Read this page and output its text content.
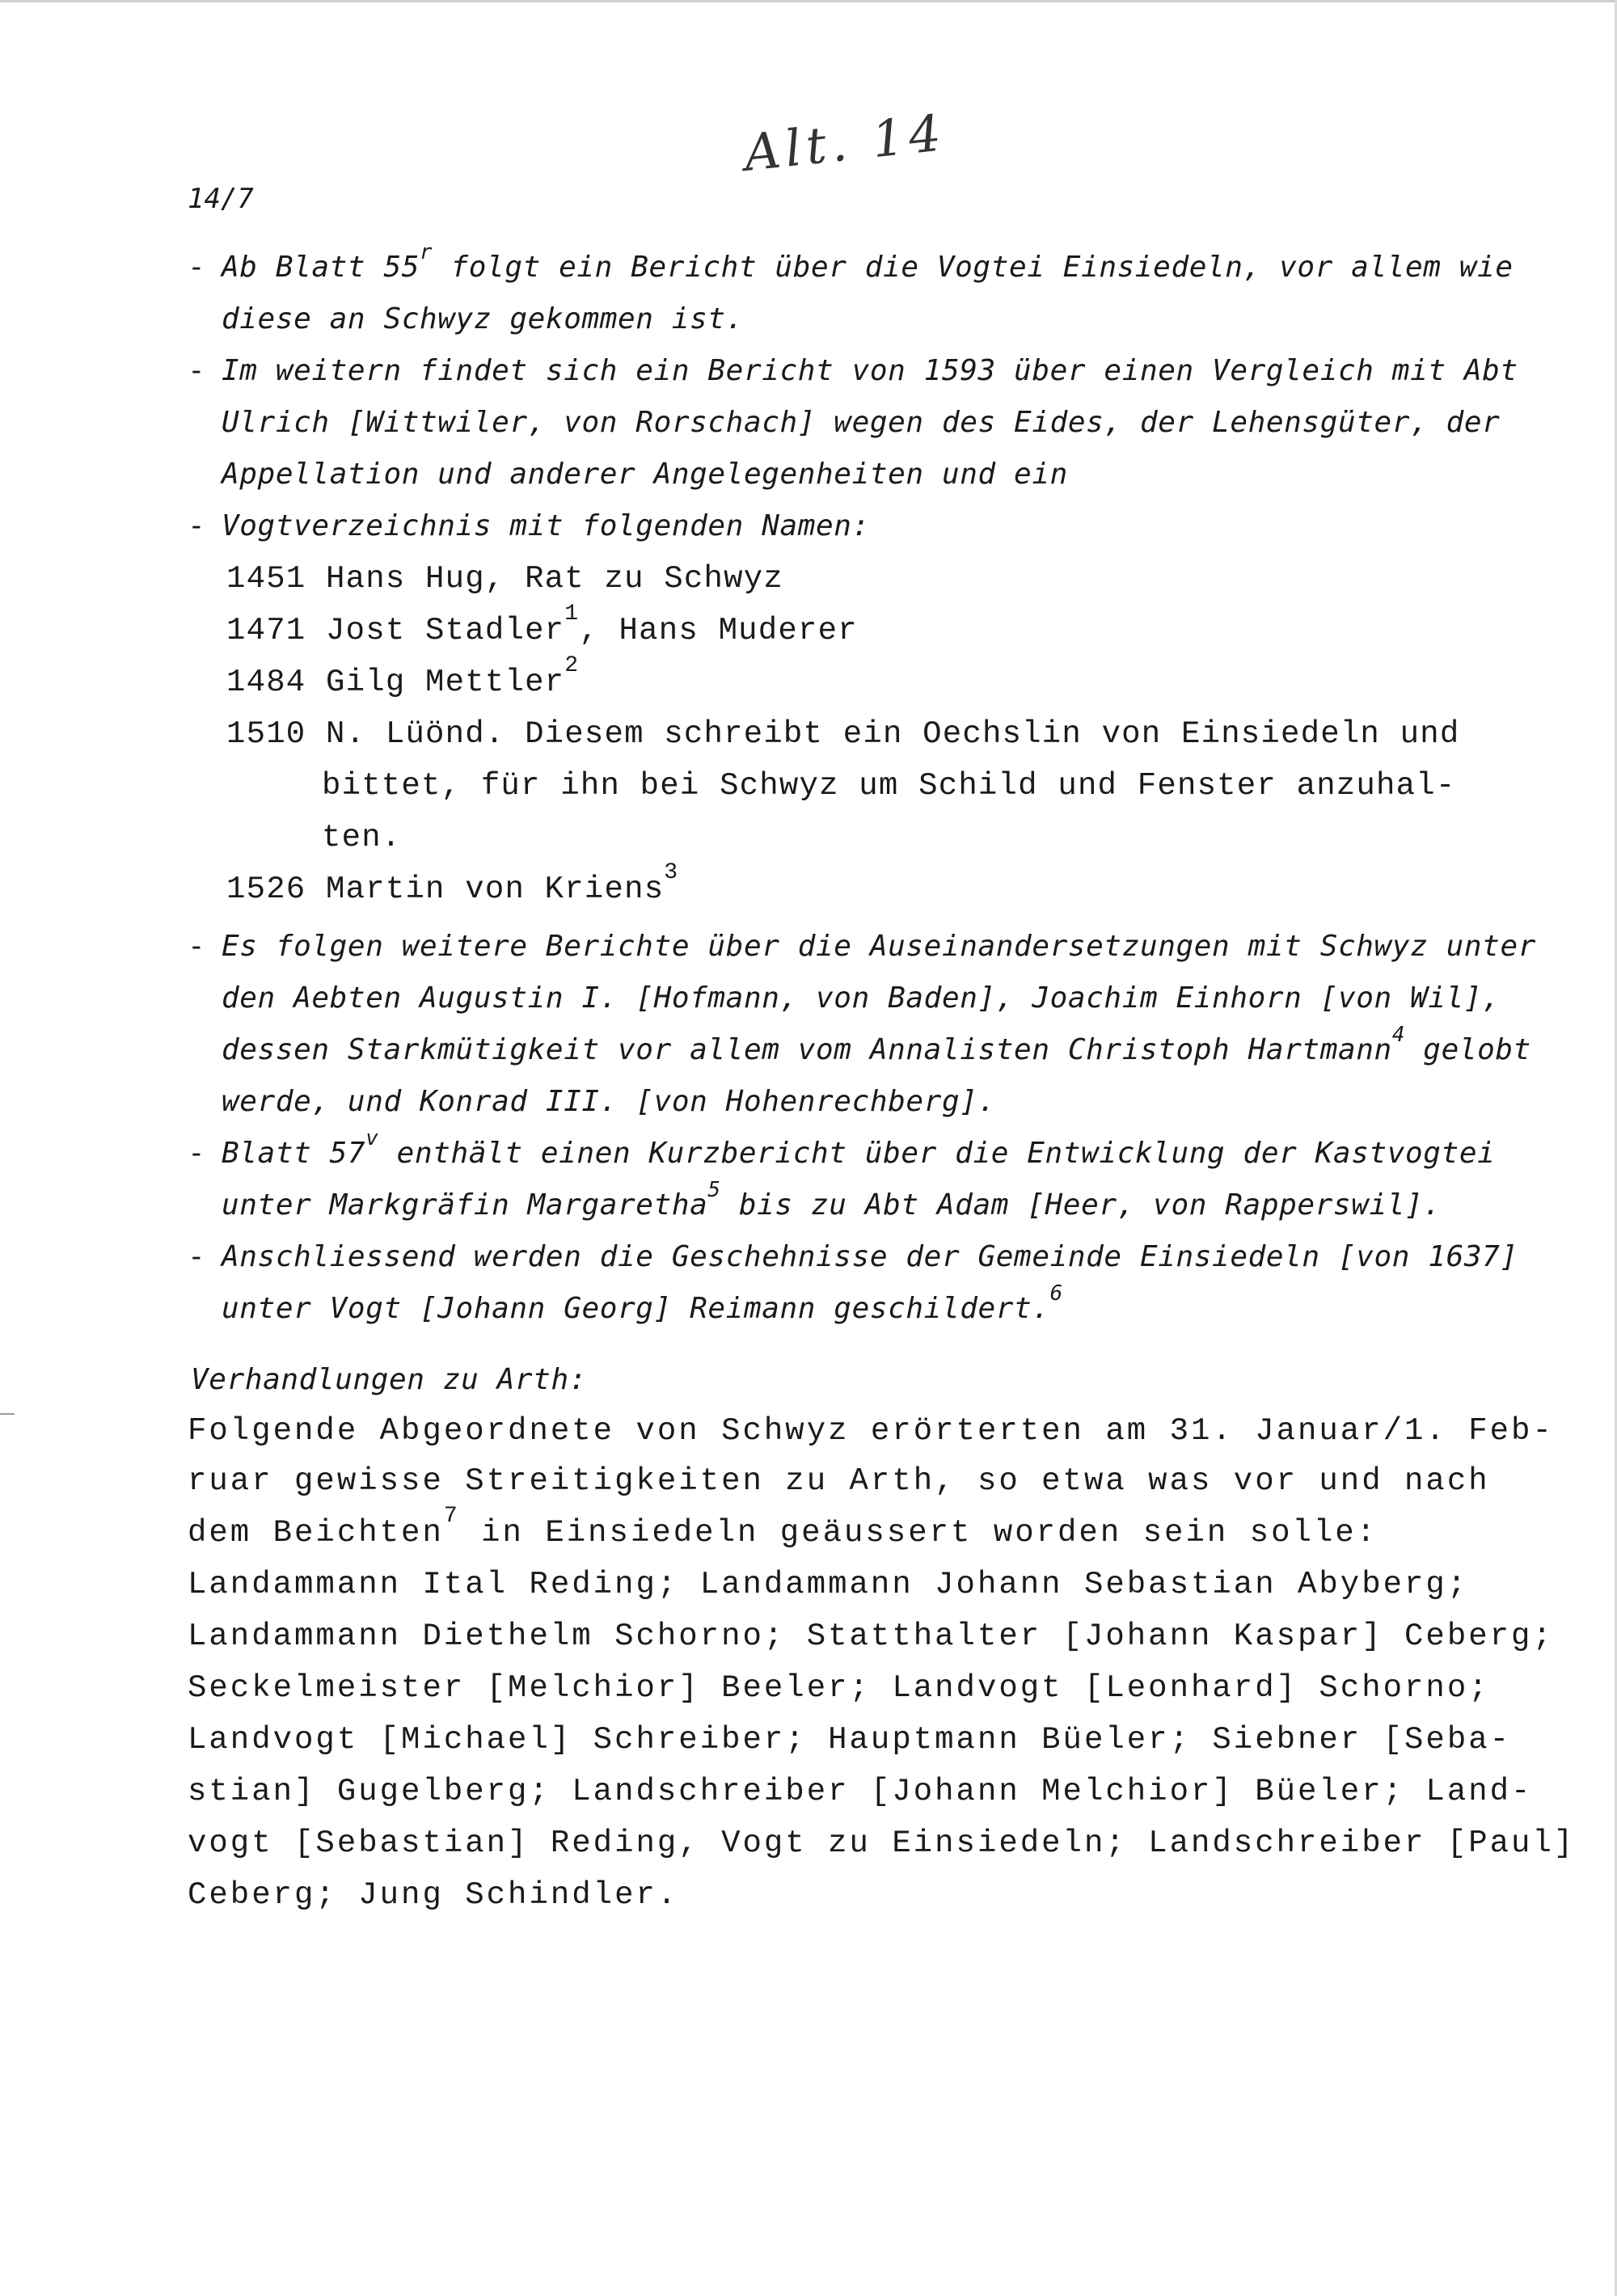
Alt. 14
14/7
- Ab Blatt 55$^r$ folgt ein Bericht über die Vogtei Einsiedeln, vor allem wie
diese an Schwyz gekommen ist.
- Im weitern findet sich ein Bericht von 1593 über einen Vergleich mit Abt
Ulrich [Wittwiler, von Rorschach] wegen des Eides, der Lehensgüter, der
Appellation und anderer Angelegenheiten und ein
- Vogtverzeichnis mit folgenden Namen:
1451 Hans Hug, Rat zu Schwyz
1471 Jost Stadler$^1$, Hans Muderer
1484 Gilg Mettler$^2$
1510 N. Lüönd. Diesem schreibt ein Oechslin von Einsiedeln und
bittet, für ihn bei Schwyz um Schild und Fenster anzuhal-
ten.
1526 Martin von Kriens$^3$
- Es folgen weitere Berichte über die Auseinandersetzungen mit Schwyz unter
den Aebten Augustin I. [Hofmann, von Baden], Joachim Einhorn [von Wil],
dessen Starkmütigkeit vor allem vom Annalisten Christoph Hartmann$^4$ gelobt
werde, und Konrad III. [von Hohenrechberg].
- Blatt 57$^v$ enthält einen Kurzbericht über die Entwicklung der Kastvogtei
unter Markgräfin Margaretha$^5$ bis zu Abt Adam [Heer, von Rapperswil].
- Anschliessend werden die Geschehnisse der Gemeinde Einsiedeln [von 1637]
unter Vogt [Johann Georg] Reimann geschildert.$^6$
Verhandlungen zu Arth:
Folgende Abgeordnete von Schwyz erörterten am 31. Januar/1. Feb-
ruar gewisse Streitigkeiten zu Arth, so etwa was vor und nach
dem Beichten$^7$ in Einsiedeln geäussert worden sein solle:
Landammann Ital Reding; Landammann Johann Sebastian Abyberg;
Landammann Diethelm Schorno; Statthalter [Johann Kaspar] Ceberg;
Seckelmeister [Melchior] Beeler; Landvogt [Leonhard] Schorno;
Landvogt [Michael] Schreiber; Hauptmann Büeler; Siebner [Seba-
stian] Gugelberg; Landschreiber [Johann Melchior] Büeler; Land-
vogt [Sebastian] Reding, Vogt zu Einsiedeln; Landschreiber [Paul]
Ceberg; Jung Schindler.
